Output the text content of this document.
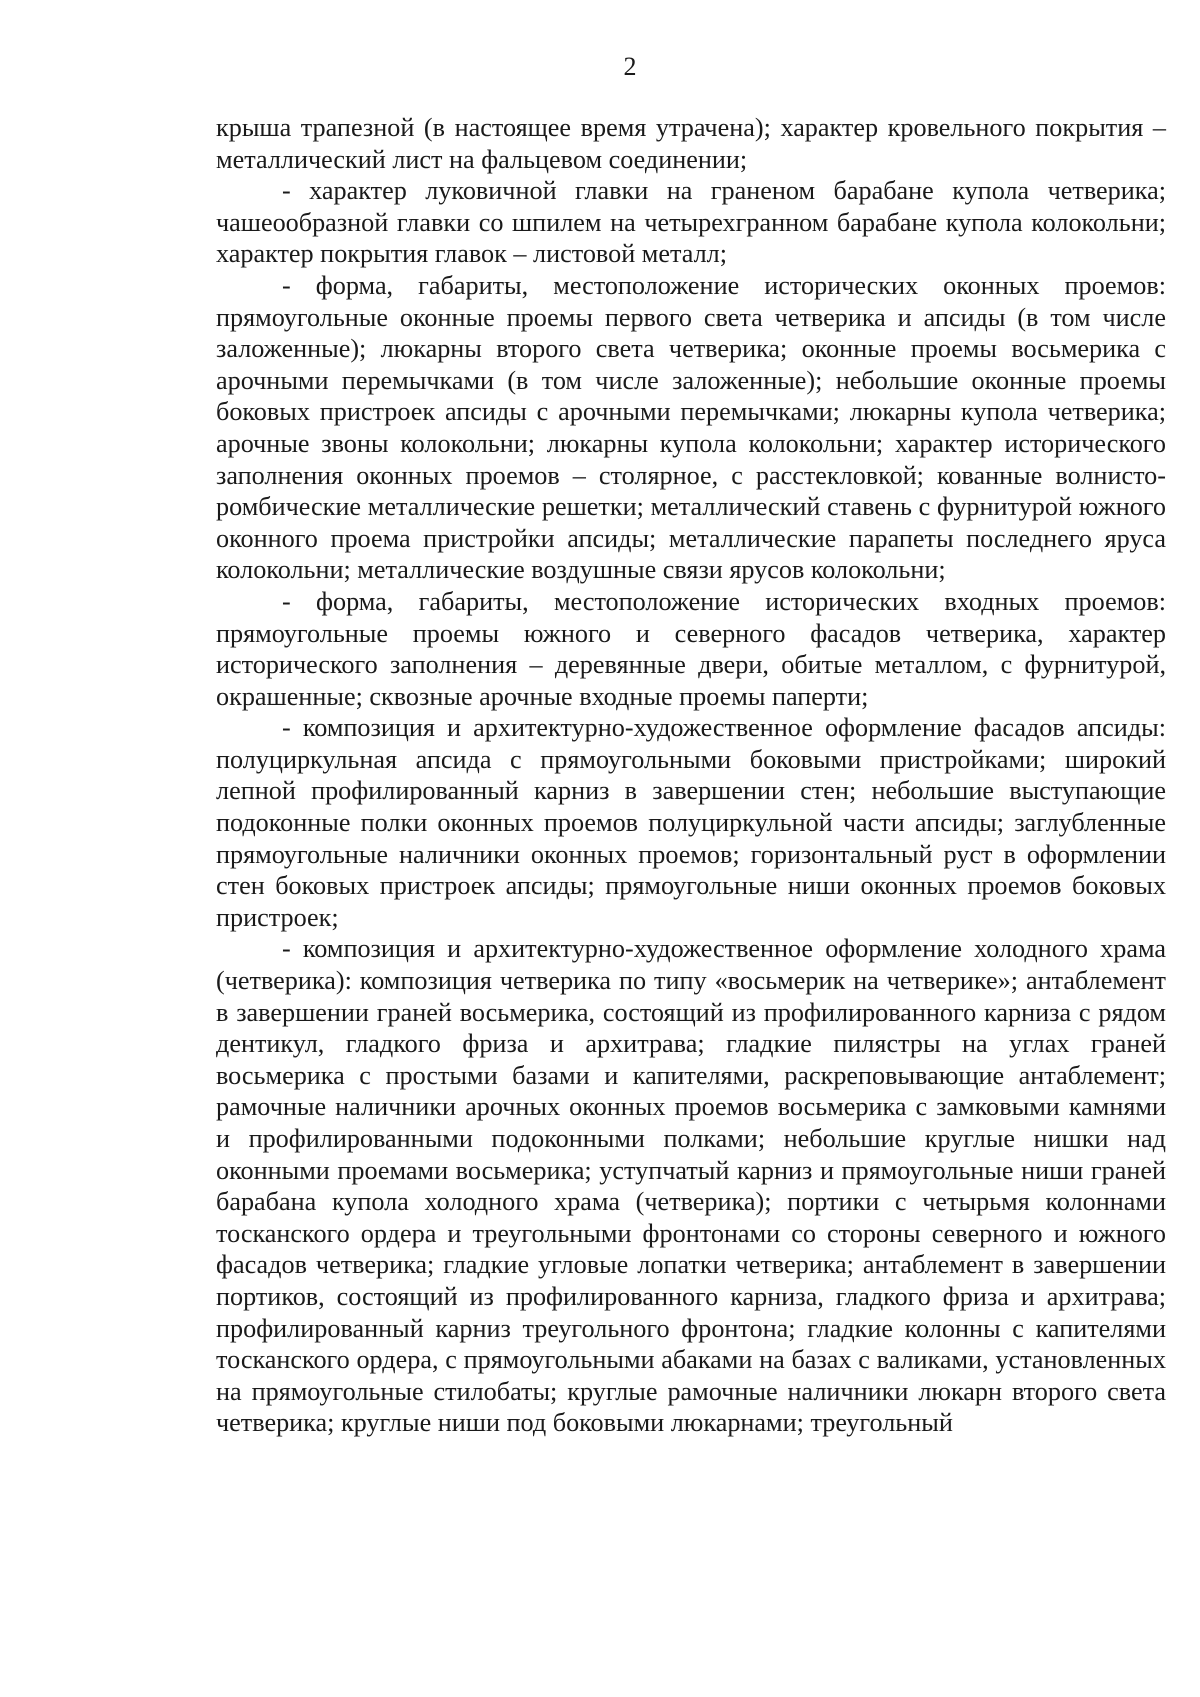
2

крыша трапезной (в настоящее время утрачена); характер кровельного покрытия – металлический лист на фальцевом соединении;

- характер луковичной главки на граненом барабане купола четверика; чашеообразной главки со шпилем на четырехгранном барабане купола колокольни; характер покрытия главок – листовой металл;

- форма, габариты, местоположение исторических оконных проемов: прямоугольные оконные проемы первого света четверика и апсиды (в том числе заложенные); люкарны второго света четверика; оконные проемы восьмерика с арочными перемычками (в том числе заложенные); небольшие оконные проемы боковых пристроек апсиды с арочными перемычками; люкарны купола четверика; арочные звоны колокольни; люкарны купола колокольни; характер исторического заполнения оконных проемов – столярное, с расстекловкой; кованные волнисто-ромбические металлические решетки; металлический ставень с фурнитурой южного оконного проема пристройки апсиды; металлические парапеты последнего яруса колокольни; металлические воздушные связи ярусов колокольни;

- форма, габариты, местоположение исторических входных проемов: прямоугольные проемы южного и северного фасадов четверика, характер исторического заполнения – деревянные двери, обитые металлом, с фурнитурой, окрашенные; сквозные арочные входные проемы паперти;

- композиция и архитектурно-художественное оформление фасадов апсиды: полуциркульная апсида с прямоугольными боковыми пристройками; широкий лепной профилированный карниз в завершении стен; небольшие выступающие подоконные полки оконных проемов полуциркульной части апсиды; заглубленные прямоугольные наличники оконных проемов; горизонтальный руст в оформлении стен боковых пристроек апсиды; прямоугольные ниши оконных проемов боковых пристроек;

- композиция и архитектурно-художественное оформление холодного храма (четверика): композиция четверика по типу «восьмерик на четверике»; антаблемент в завершении граней восьмерика, состоящий из профилированного карниза с рядом дентикул, гладкого фриза и архитрава; гладкие пилястры на углах граней восьмерика с простыми базами и капителями, раскреповывающие антаблемент; рамочные наличники арочных оконных проемов восьмерика с замковыми камнями и профилированными подоконными полками; небольшие круглые нишки над оконными проемами восьмерика; уступчатый карниз и прямоугольные ниши граней барабана купола холодного храма (четверика); портики с четырьмя колоннами тосканского ордера и треугольными фронтонами со стороны северного и южного фасадов четверика; гладкие угловые лопатки четверика; антаблемент в завершении портиков, состоящий из профилированного карниза, гладкого фриза и архитрава; профилированный карниз треугольного фронтона; гладкие колонны с капителями тосканского ордера, с прямоугольными абаками на базах с валиками, установленных на прямоугольные стилобаты; круглые рамочные наличники люкарн второго света четверика; круглые ниши под боковыми люкарнами; треугольный
